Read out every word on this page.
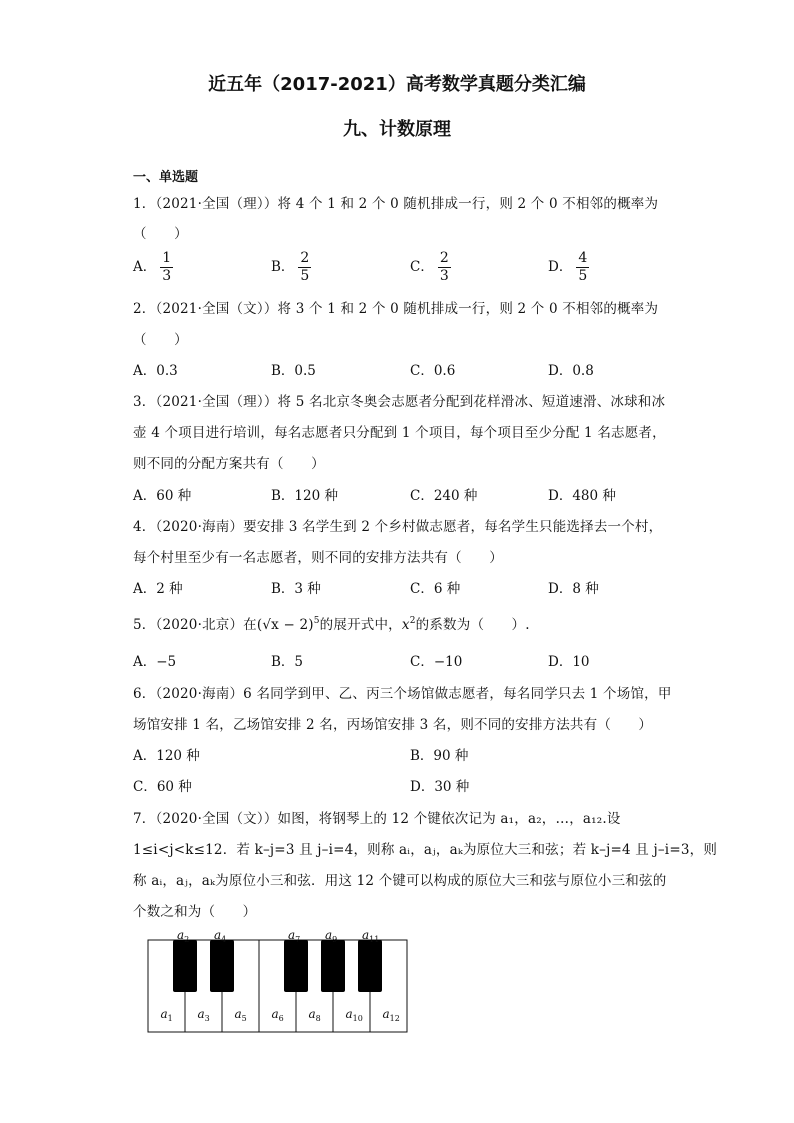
近五年（2017-2021）高考数学真题分类汇编
九、计数原理
一、单选题
1．（2021·全国（理））将 4 个 1 和 2 个 0 随机排成一行，则 2 个 0 不相邻的概率为
（　　）
A． $\frac{1}{3}$	B． $\frac{2}{5}$	C． $\frac{2}{3}$	D． $\frac{4}{5}$
2．（2021·全国（文））将 3 个 1 和 2 个 0 随机排成一行，则 2 个 0 不相邻的概率为
（　　）
A．0.3	B．0.5	C．0.6	D．0.8
3．（2021·全国（理））将 5 名北京冬奥会志愿者分配到花样滑冰、短道速滑、冰球和冰
壶 4 个项目进行培训，每名志愿者只分配到 1 个项目，每个项目至少分配 1 名志愿者，
则不同的分配方案共有（　　）
A．60 种	B．120 种	C．240 种	D．480 种
4．（2020·海南）要安排 3 名学生到 2 个乡村做志愿者，每名学生只能选择去一个村，
每个村里至少有一名志愿者，则不同的安排方法共有（　　）
A．2 种	B．3 种	C．6 种	D．8 种
5．（2020·北京）在$(√x - 2)^5$的展开式中，$x^2$的系数为（　　）.
A．−5	B．5	C．−10	D．10
6．（2020·海南）6 名同学到甲、乙、丙三个场馆做志愿者，每名同学只去 1 个场馆，甲
场馆安排 1 名，乙场馆安排 2 名，丙场馆安排 3 名，则不同的安排方法共有（　　）
A．120 种	B．90 种
C．60 种	D．30 种
7．（2020·全国（文））如图，将钢琴上的 12 个键依次记为 a₁，a₂，…，a₁₂.设
1≤i<j<k≤12．若 k–j=3 且 j–i=4，则称 aᵢ，aⱼ，aₖ为原位大三和弦；若 k–j=4 且 j–i=3，则
称 aᵢ，aⱼ，aₖ为原位小三和弦．用这 12 个键可以构成的原位大三和弦与原位小三和弦的
个数之和为（　　）
$a_1$ $a_3$ $a_5$ $a_6$ $a_8$ $a_{10}$ $a_{12}$
$a_2$ $a_4$	$a_7$ $a_9$ $a_{11}$
